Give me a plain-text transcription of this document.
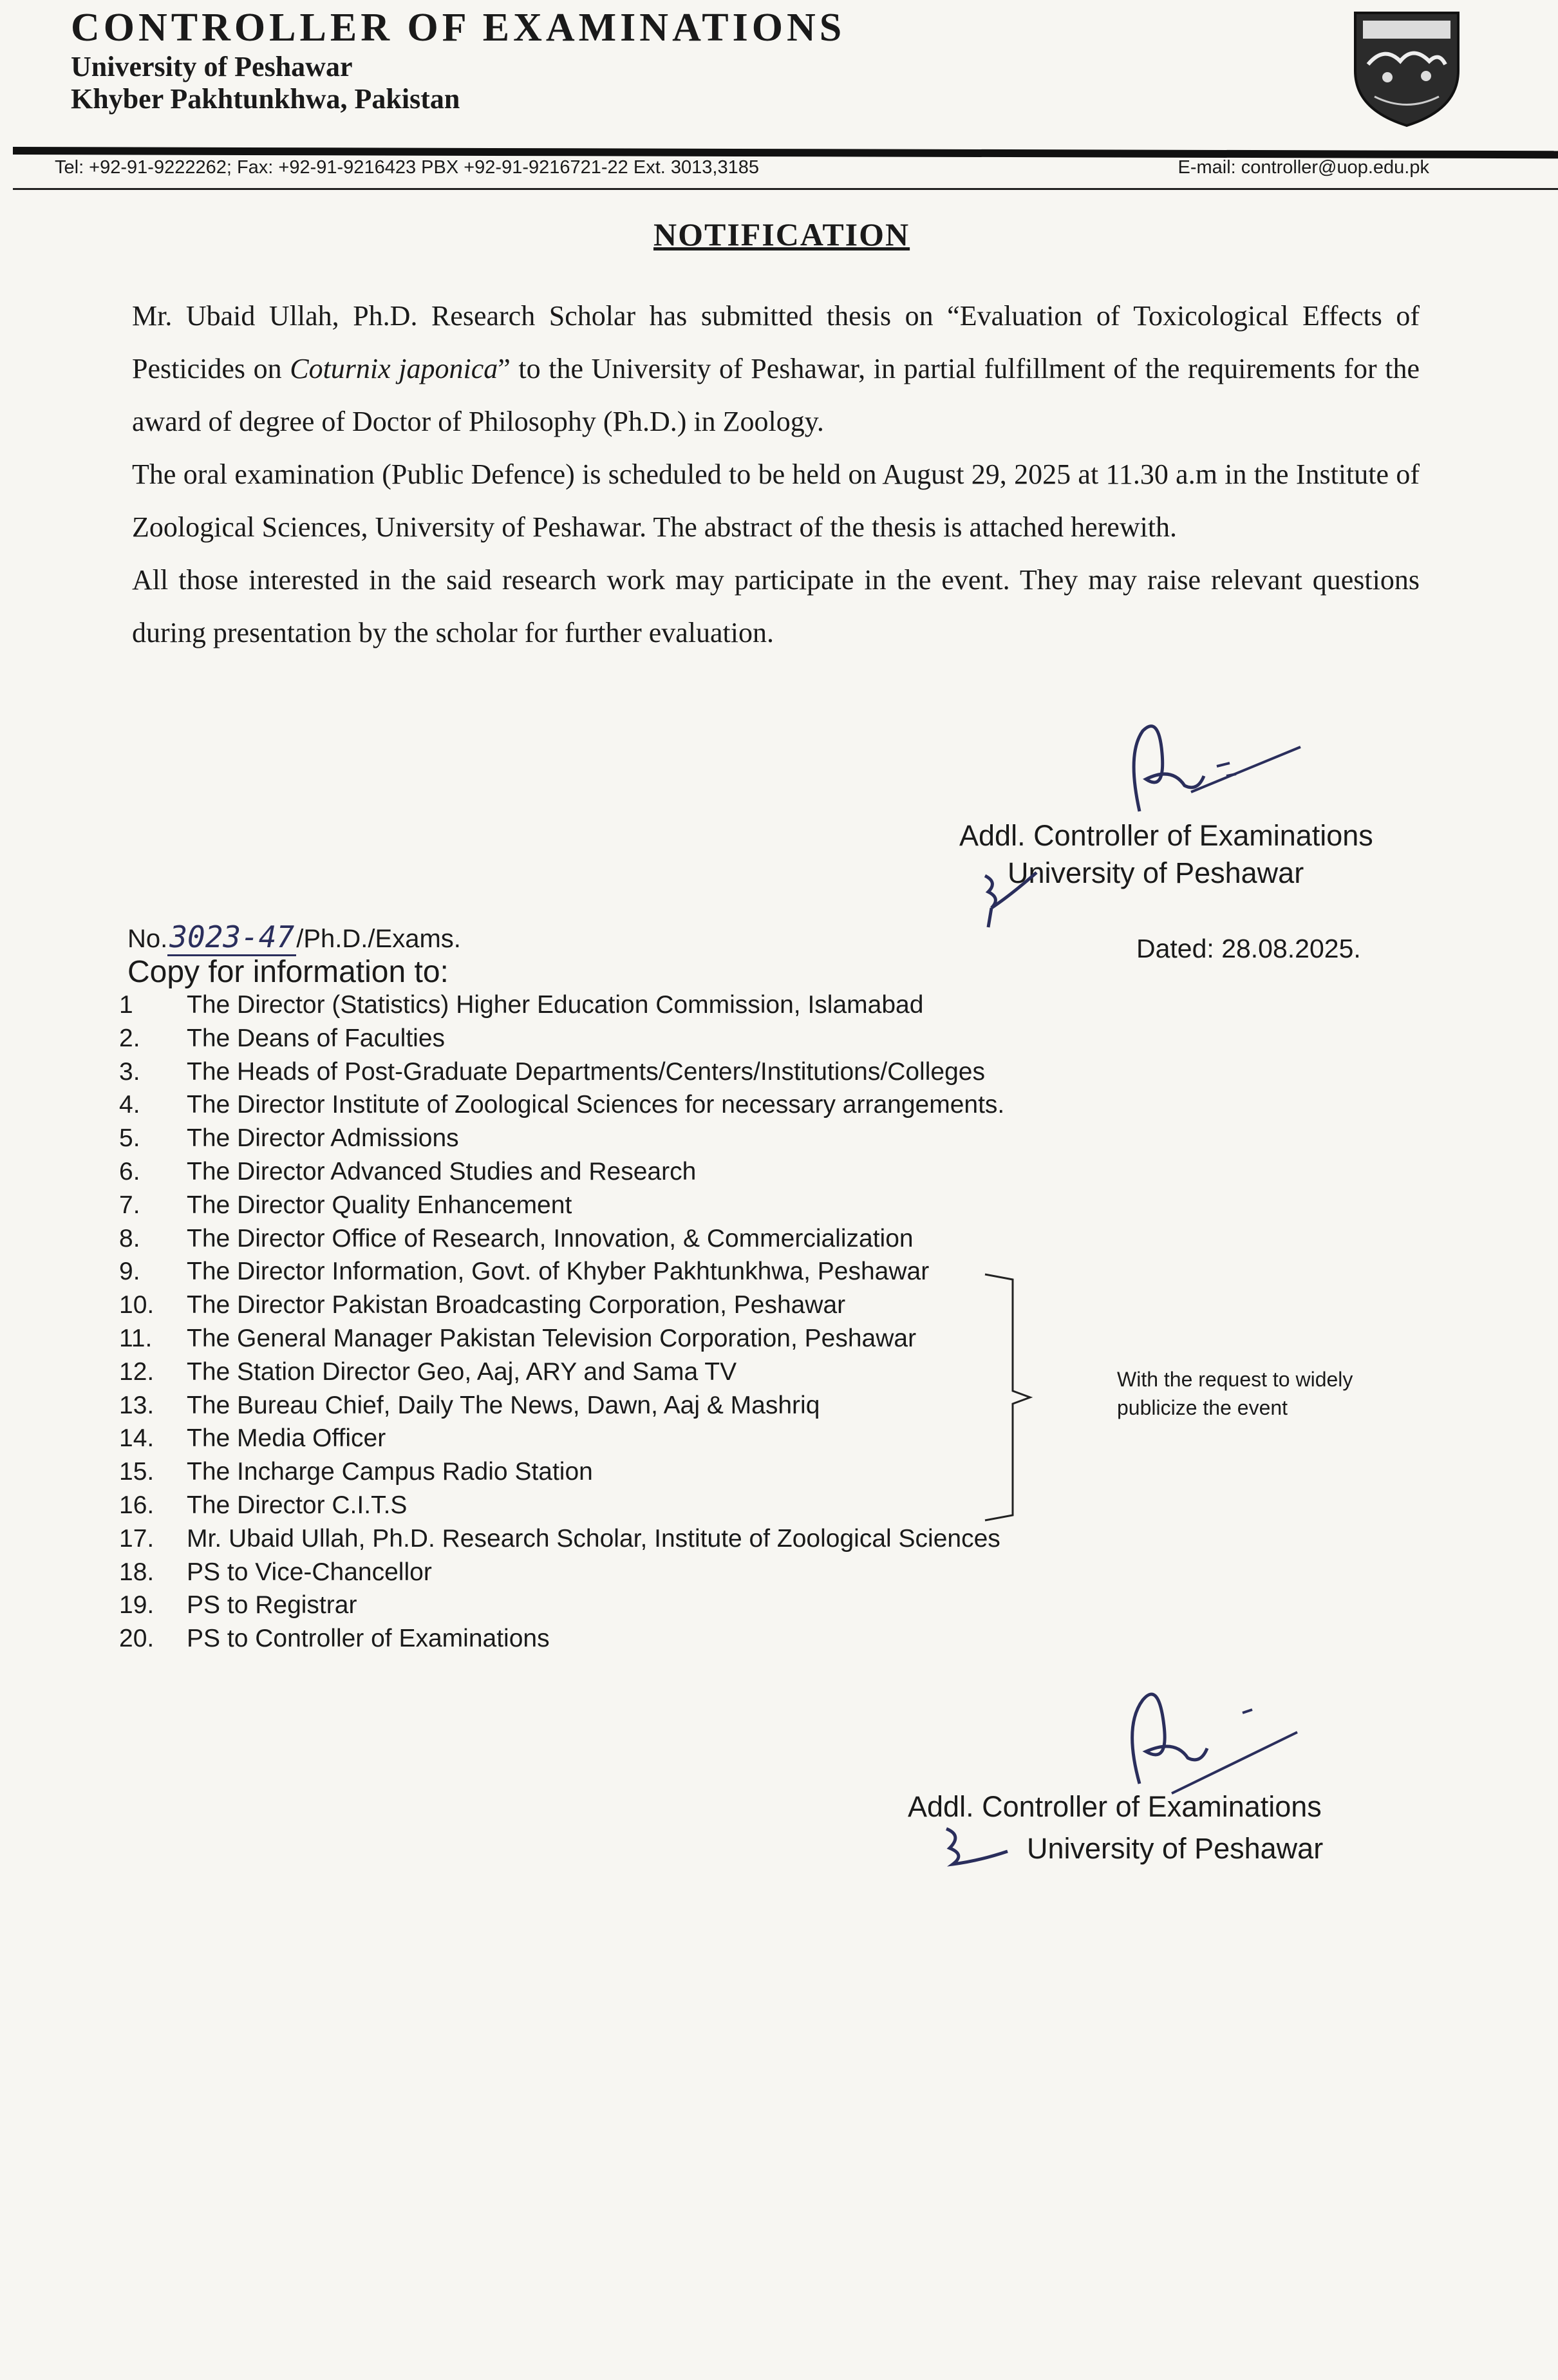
CONTROLLER OF EXAMINATIONS
University of Peshawar
Khyber Pakhtunkhwa, Pakistan
Tel: +92-91-9222262; Fax: +92-91-9216423 PBX +92-91-9216721-22 Ext. 3013,3185	E-mail: controller@uop.edu.pk
NOTIFICATION

Mr. Ubaid Ullah, Ph.D. Research Scholar has submitted thesis on “Evaluation of Toxicological Effects of Pesticides on Coturnix japonica” to the University of Peshawar, in partial fulfillment of the requirements for the award of degree of Doctor of Philosophy (Ph.D.) in Zoology.

The oral examination (Public Defence) is scheduled to be held on August 29, 2025 at 11.30 a.m in the Institute of Zoological Sciences, University of Peshawar. The abstract of the thesis is attached herewith.

All those interested in the said research work may participate in the event. They may raise relevant questions during presentation by the scholar for further evaluation.

Addl. Controller of Examinations
University of Peshawar
No.3023-47/Ph.D./Exams.	Dated: 28.08.2025.
Copy for information to:
1	The Director (Statistics) Higher Education Commission, Islamabad
2.	The Deans of Faculties
3.	The Heads of Post-Graduate Departments/Centers/Institutions/Colleges
4.	The Director Institute of Zoological Sciences for necessary arrangements.
5.	The Director Admissions
6.	The Director Advanced Studies and Research
7.	The Director Quality Enhancement
8.	The Director Office of Research, Innovation, & Commercialization
9.	The Director Information, Govt. of Khyber Pakhtunkhwa, Peshawar
10.	The Director Pakistan Broadcasting Corporation, Peshawar
11.	The General Manager Pakistan Television Corporation, Peshawar
12.	The Station Director Geo, Aaj, ARY and Sama TV
13.	The Bureau Chief, Daily The News, Dawn, Aaj & Mashriq
14.	The Media Officer
15.	The Incharge Campus Radio Station
16.	The Director C.I.T.S
17.	Mr. Ubaid Ullah, Ph.D. Research Scholar, Institute of Zoological Sciences
18.	PS to Vice-Chancellor
19.	PS to Registrar
20.	PS to Controller of Examinations
With the request to widely
publicize the event
Addl. Controller of Examinations
University of Peshawar
